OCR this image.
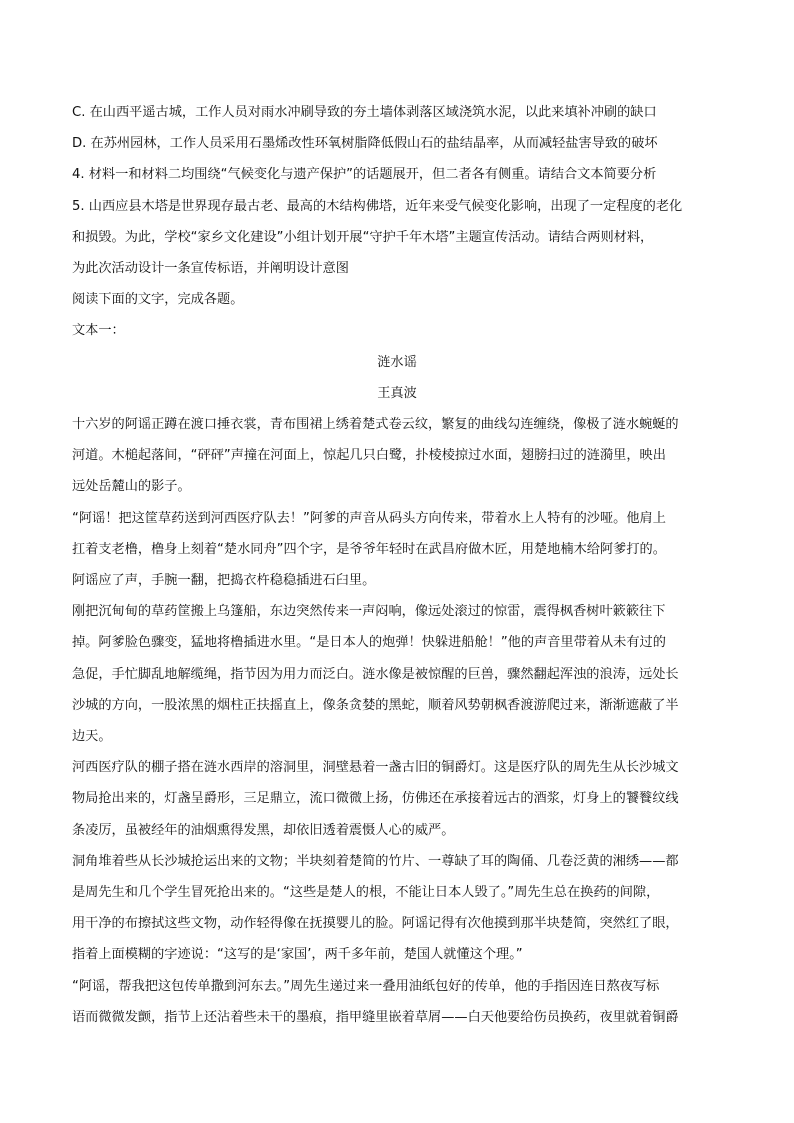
C. 在山西平遥古城，工作人员对雨水冲刷导致的夯土墙体剥落区域浇筑水泥，以此来填补冲刷的缺口
D. 在苏州园林，工作人员采用石墨烯改性环氧树脂降低假山石的盐结晶率，从而减轻盐害导致的破坏
4. 材料一和材料二均围绕“气候变化与遗产保护”的话题展开，但二者各有侧重。请结合文本简要分析
5. 山西应县木塔是世界现存最古老、最高的木结构佛塔，近年来受气候变化影响，出现了一定程度的老化
和损毁。为此，学校“家乡文化建设”小组计划开展“守护千年木塔”主题宣传活动。请结合两则材料，
为此次活动设计一条宣传标语，并阐明设计意图
阅读下面的文字，完成各题。
文本一：
涟水谣
王真波
十六岁的阿谣正蹲在渡口捶衣裳，青布围裙上绣着楚式卷云纹，繁复的曲线勾连缠绕，像极了涟水蜿蜒的
河道。木槌起落间，“砰砰”声撞在河面上，惊起几只白鹭，扑棱棱掠过水面，翅膀扫过的涟漪里，映出
远处岳麓山的影子。
“阿谣！把这筐草药送到河西医疗队去！”阿爹的声音从码头方向传来，带着水上人特有的沙哑。他肩上
扛着支老橹，橹身上刻着“楚水同舟”四个字，是爷爷年轻时在武昌府做木匠，用楚地楠木给阿爹打的。
阿谣应了声，手腕一翻，把捣衣杵稳稳插进石臼里。
刚把沉甸甸的草药筐搬上乌篷船，东边突然传来一声闷响，像远处滚过的惊雷，震得枫香树叶簌簌往下
掉。阿爹脸色骤变，猛地将橹插进水里。“是日本人的炮弹！快躲进船舱！”他的声音里带着从未有过的
急促，手忙脚乱地解缆绳，指节因为用力而泛白。涟水像是被惊醒的巨兽，骤然翻起浑浊的浪涛，远处长
沙城的方向，一股浓黑的烟柱正扶摇直上，像条贪婪的黑蛇，顺着风势朝枫香渡游爬过来，渐渐遮蔽了半
边天。
河西医疗队的棚子搭在涟水西岸的溶洞里，洞壁悬着一盏古旧的铜爵灯。这是医疗队的周先生从长沙城文
物局抢出来的，灯盏呈爵形，三足鼎立，流口微微上扬，仿佛还在承接着远古的酒浆，灯身上的饕餮纹线
条凌厉，虽被经年的油烟熏得发黑，却依旧透着震慑人心的威严。
洞角堆着些从长沙城抢运出来的文物；半块刻着楚简的竹片、一尊缺了耳的陶俑、几卷泛黄的湘绣——都
是周先生和几个学生冒死抢出来的。“这些是楚人的根，不能让日本人毁了。”周先生总在换药的间隙，
用干净的布擦拭这些文物，动作轻得像在抚摸婴儿的脸。阿谣记得有次他摸到那半块楚简，突然红了眼，
指着上面模糊的字迹说：“这写的是‘家国’，两千多年前，楚国人就懂这个理。”
“阿谣，帮我把这包传单撒到河东去。”周先生递过来一叠用油纸包好的传单，他的手指因连日熬夜写标
语而微微发颤，指节上还沾着些未干的墨痕，指甲缝里嵌着草屑——白天他要给伤员换药，夜里就着铜爵
